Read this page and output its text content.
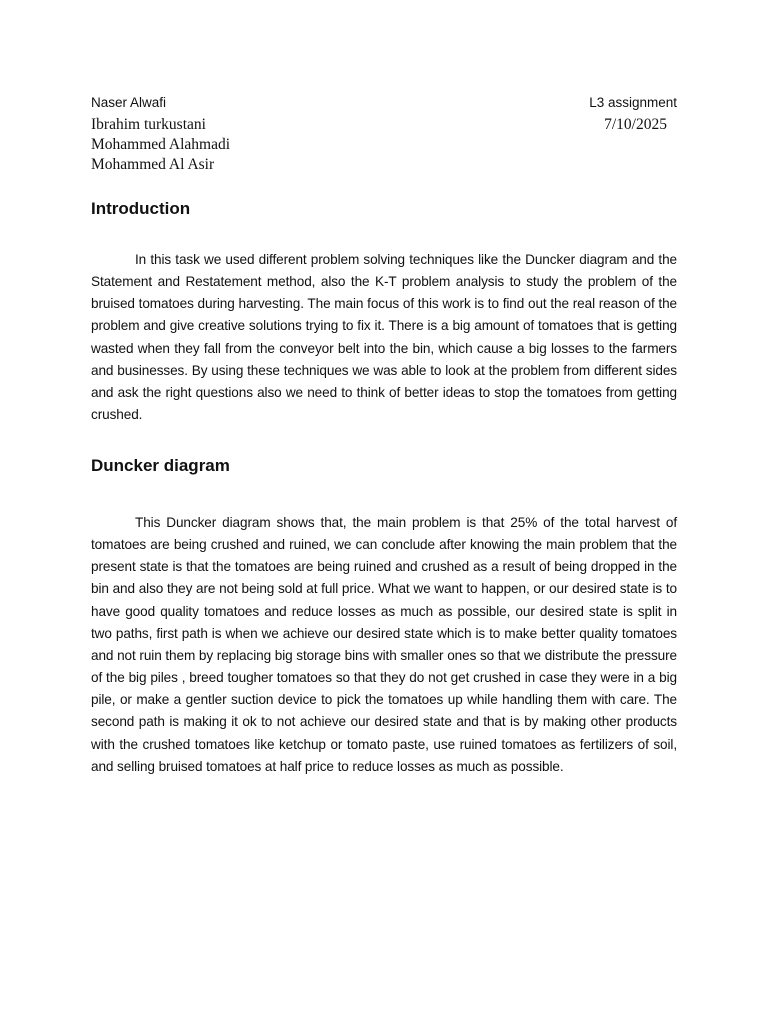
Naser Alwafi
Ibrahim turkustani
Mohammed Alahmadi
Mohammed Al Asir
L3 assignment
7/10/2025
Introduction

In this task we used different problem solving techniques like the Duncker diagram and the Statement and Restatement method, also the K-T problem analysis to study the problem of the bruised tomatoes during harvesting. The main focus of this work is to find out the real reason of the problem and give creative solutions trying to fix it. There is a big amount of tomatoes that is getting wasted when they fall from the conveyor belt into the bin, which cause a big losses to the farmers and businesses. By using these techniques we was able to look at the problem from different sides and ask the right questions also we need to think of better ideas to stop the tomatoes from getting crushed.

Duncker diagram

This Duncker diagram shows that, the main problem is that 25% of the total harvest of tomatoes are being crushed and ruined, we can conclude after knowing the main problem that the present state is that the tomatoes are being ruined and crushed as a result of being dropped in the bin and also they are not being sold at full price. What we want to happen, or our desired state is to have good quality tomatoes and reduce losses as much as possible, our desired state is split in two paths, first path is when we achieve our desired state which is to make better quality tomatoes and not ruin them by replacing big storage bins with smaller ones so that we distribute the pressure of the big piles , breed tougher tomatoes so that they do not get crushed in case they were in a big pile, or make a gentler suction device to pick the tomatoes up while handling them with care. The second path is making it ok to not achieve our desired state and that is by making other products with the crushed tomatoes like ketchup or tomato paste, use ruined tomatoes as fertilizers of soil, and selling bruised tomatoes at half price to reduce losses as much as possible.
